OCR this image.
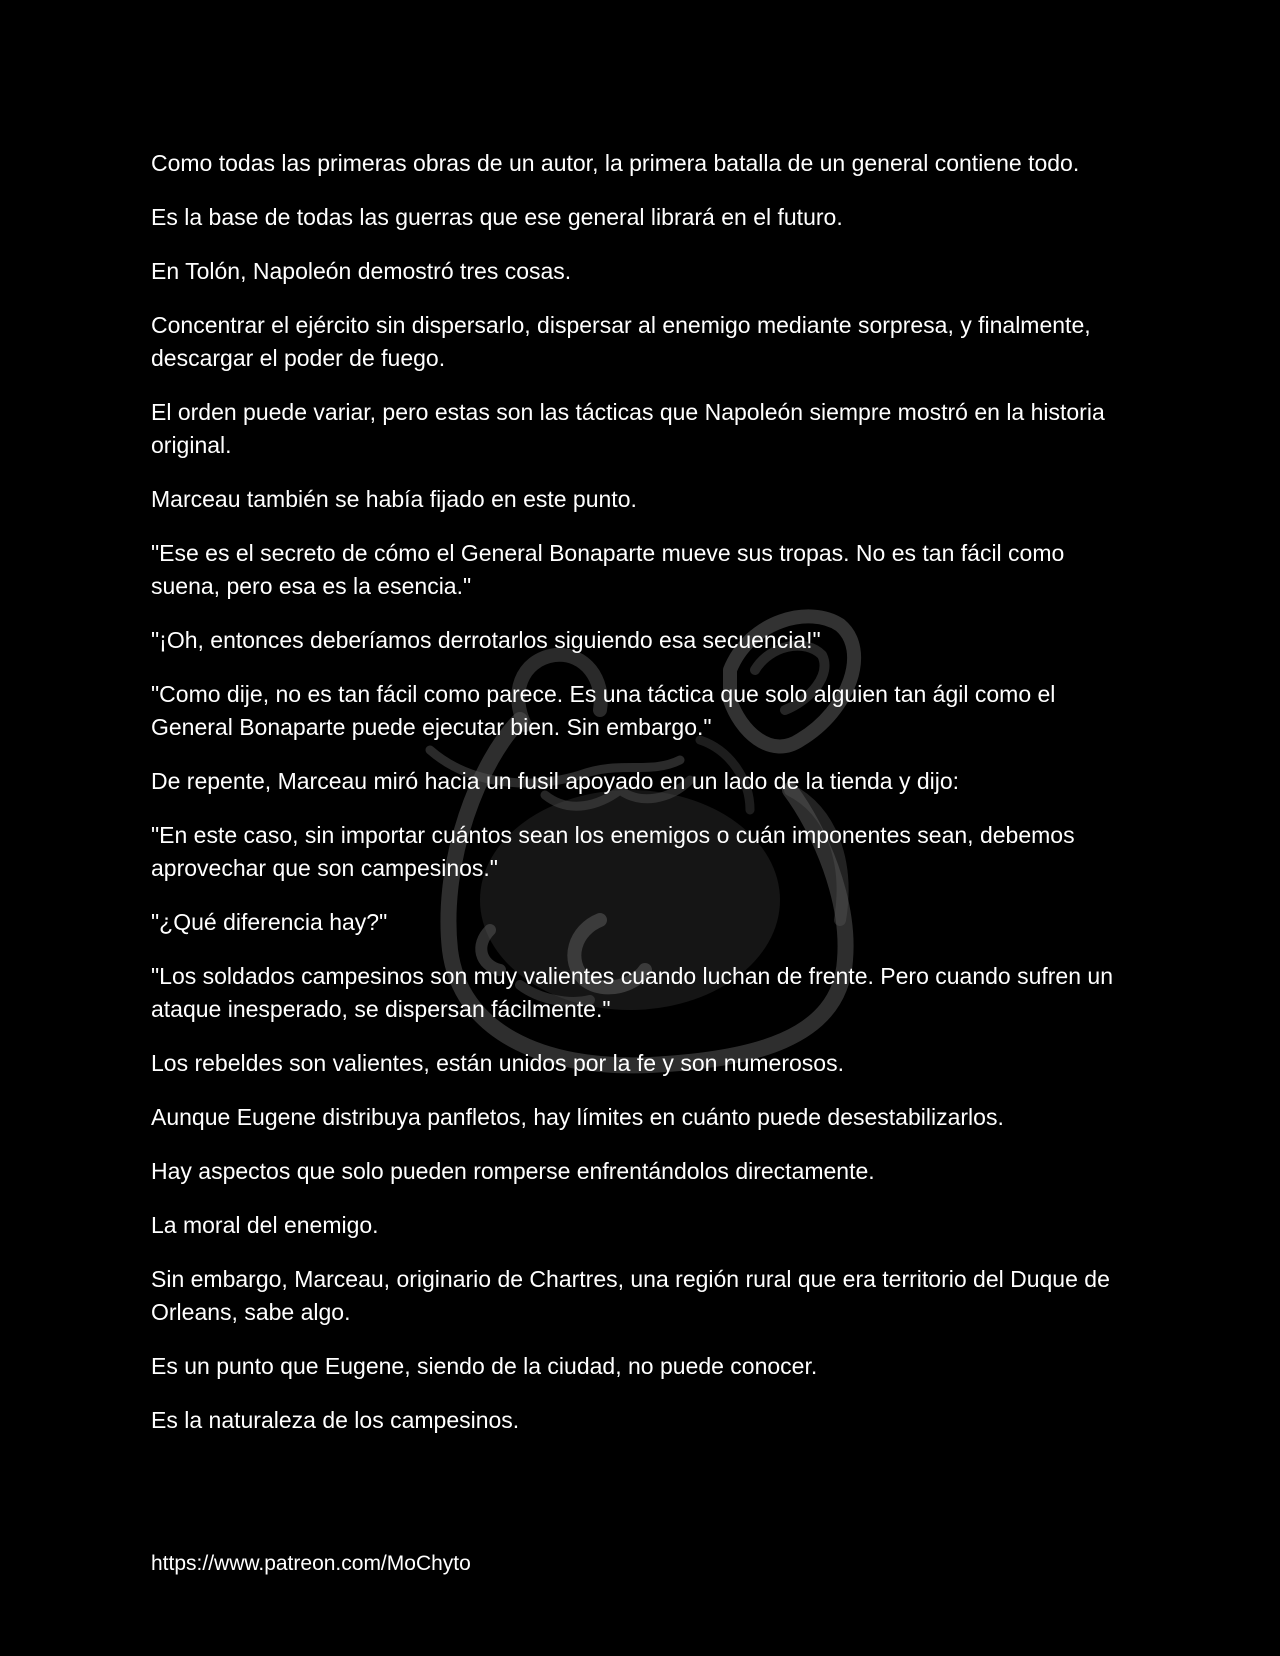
Como todas las primeras obras de un autor, la primera batalla de un general contiene todo.

Es la base de todas las guerras que ese general librará en el futuro.

En Tolón, Napoleón demostró tres cosas.

Concentrar el ejército sin dispersarlo, dispersar al enemigo mediante sorpresa, y finalmente, descargar el poder de fuego.

El orden puede variar, pero estas son las tácticas que Napoleón siempre mostró en la historia original.

Marceau también se había fijado en este punto.

"Ese es el secreto de cómo el General Bonaparte mueve sus tropas. No es tan fácil como suena, pero esa es la esencia."

"¡Oh, entonces deberíamos derrotarlos siguiendo esa secuencia!"

"Como dije, no es tan fácil como parece. Es una táctica que solo alguien tan ágil como el General Bonaparte puede ejecutar bien. Sin embargo."

De repente, Marceau miró hacia un fusil apoyado en un lado de la tienda y dijo:

"En este caso, sin importar cuántos sean los enemigos o cuán imponentes sean, debemos aprovechar que son campesinos."

"¿Qué diferencia hay?"

"Los soldados campesinos son muy valientes cuando luchan de frente. Pero cuando sufren un ataque inesperado, se dispersan fácilmente."

Los rebeldes son valientes, están unidos por la fe y son numerosos.

Aunque Eugene distribuya panfletos, hay límites en cuánto puede desestabilizarlos.

Hay aspectos que solo pueden romperse enfrentándolos directamente.

La moral del enemigo.

Sin embargo, Marceau, originario de Chartres, una región rural que era territorio del Duque de Orleans, sabe algo.

Es un punto que Eugene, siendo de la ciudad, no puede conocer.

Es la naturaleza de los campesinos.

https://www.patreon.com/MoChyto
